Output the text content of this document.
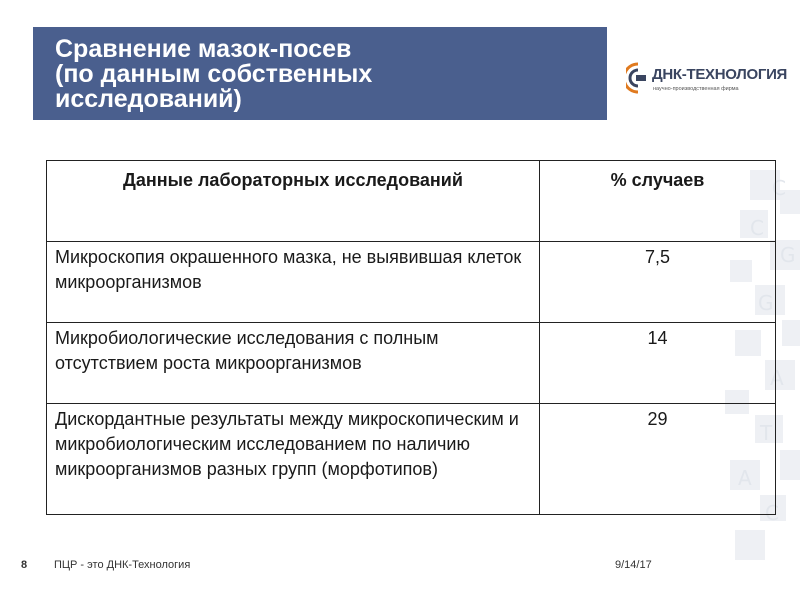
C
C
G
G
A
T
A
C
Сравнение мазок-посев
(по данным собственных
исследований)
ДНК-ТЕХНОЛОГИЯ
научно-производственная фирма
Данные лабораторных исследований	% случаев
Микроскопия окрашенного мазка, не выявившая клеток микроорганизмов	7,5
Микробиологические исследования с полным отсутствием роста микроорганизмов	14
Дискордантные результаты между микроскопическим и микробиологическим исследованием по наличию микроорганизмов разных групп (морфотипов)	29
8 ПЦР - это ДНК-Технология	9/14/17
